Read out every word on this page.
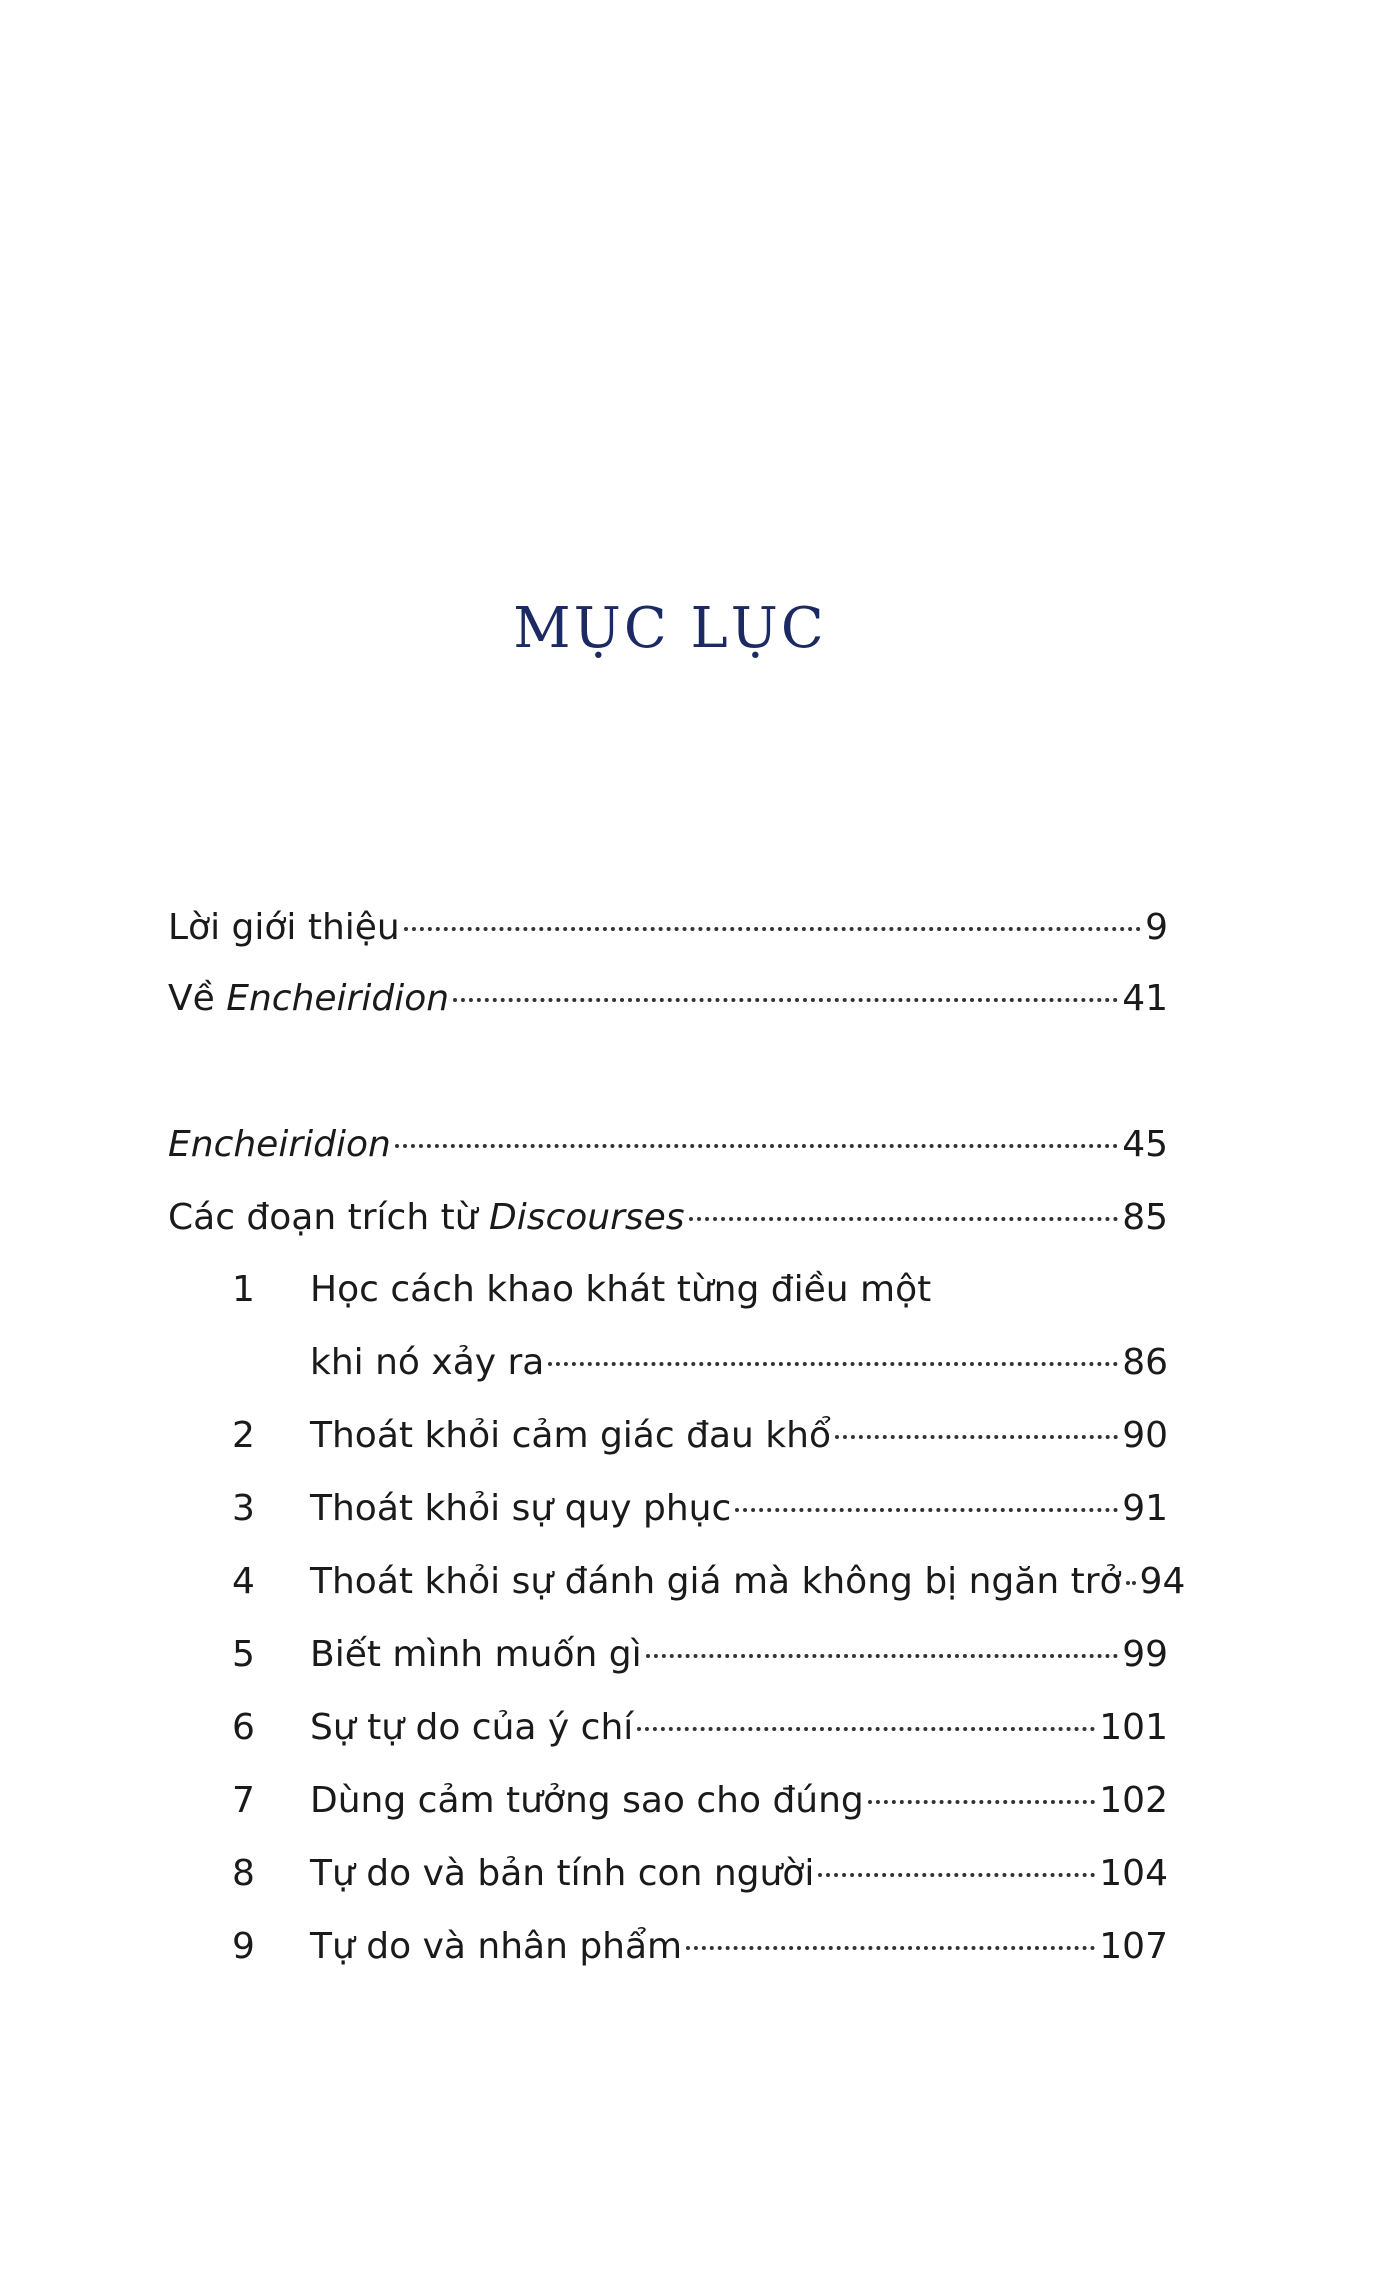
MỤC LỤC
Lời giới thiệu	9
Về Encheiridion	41
Encheiridion	45
Các đoạn trích từ Discourses	85
1	Học cách khao khát từng điều một
khi nó xảy ra	86
2	Thoát khỏi cảm giác đau khổ	90
3	Thoát khỏi sự quy phục	91
4	Thoát khỏi sự đánh giá mà không bị ngăn trở 94
5	Biết mình muốn gì	99
6	Sự tự do của ý chí	101
7	Dùng cảm tưởng sao cho đúng	102
8	Tự do và bản tính con người	104
9	Tự do và nhân phẩm	107
